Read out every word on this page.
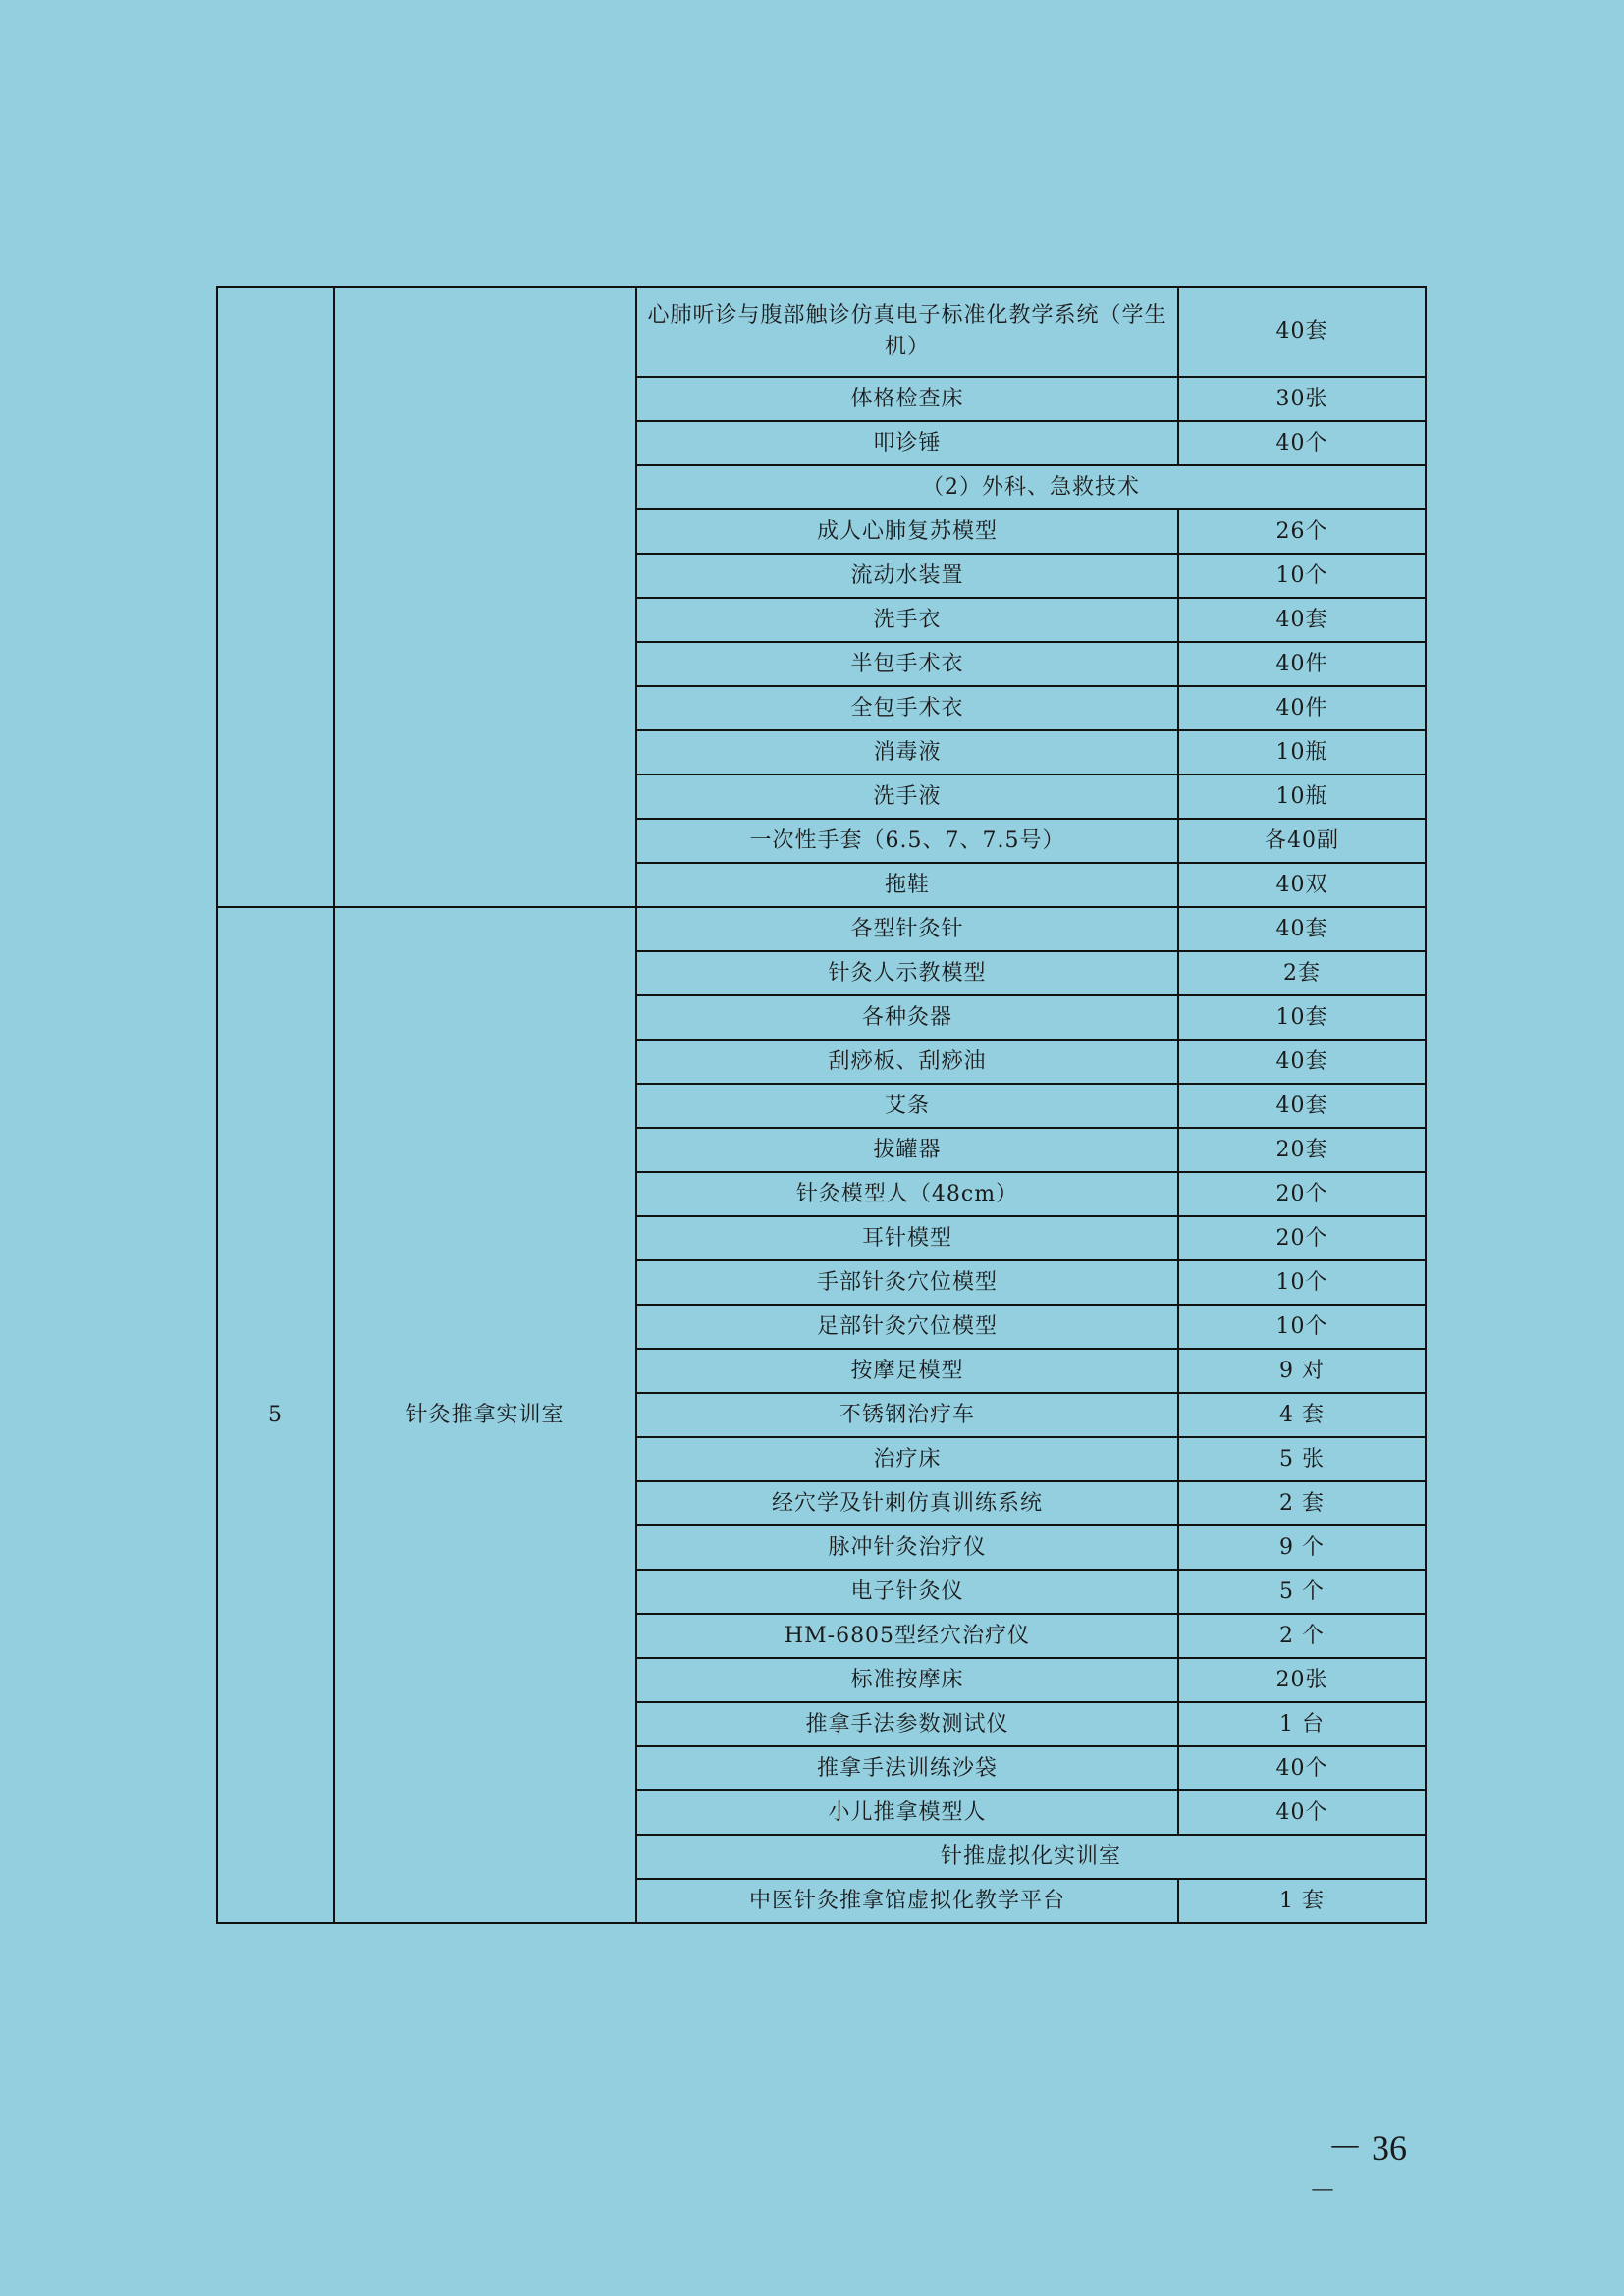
		心肺听诊与腹部触诊仿真电子标准化教学系统（学生机）	40套
		体格检查床	30张
		叩诊锤	40个
		（2）外科、急救技术	
		成人心肺复苏模型	26个
		流动水装置	10个
		洗手衣	40套
		半包手术衣	40件
		全包手术衣	40件
		消毒液	10瓶
		洗手液	10瓶
		一次性手套（6.5、7、7.5号）	各40副
		拖鞋	40双
5	针灸推拿实训室	各型针灸针	40套
		针灸人示教模型	2套
		各种灸器	10套
		刮痧板、刮痧油	40套
		艾条	40套
		拔罐器	20套
		针灸模型人（48cm）	20个
		耳针模型	20个
		手部针灸穴位模型	10个
		足部针灸穴位模型	10个
		按摩足模型	9 对
		不锈钢治疗车	4 套
		治疗床	5 张
		经穴学及针刺仿真训练系统	2 套
		脉冲针灸治疗仪	9 个
		电子针灸仪	5 个
		HM-6805型经穴治疗仪	2 个
		标准按摩床	20张
		推拿手法参数测试仪	1 台
		推拿手法训练沙袋	40个
		小儿推拿模型人	40个
		针推虚拟化实训室	
		中医针灸推拿馆虚拟化教学平台	1 套
－ 36
－
